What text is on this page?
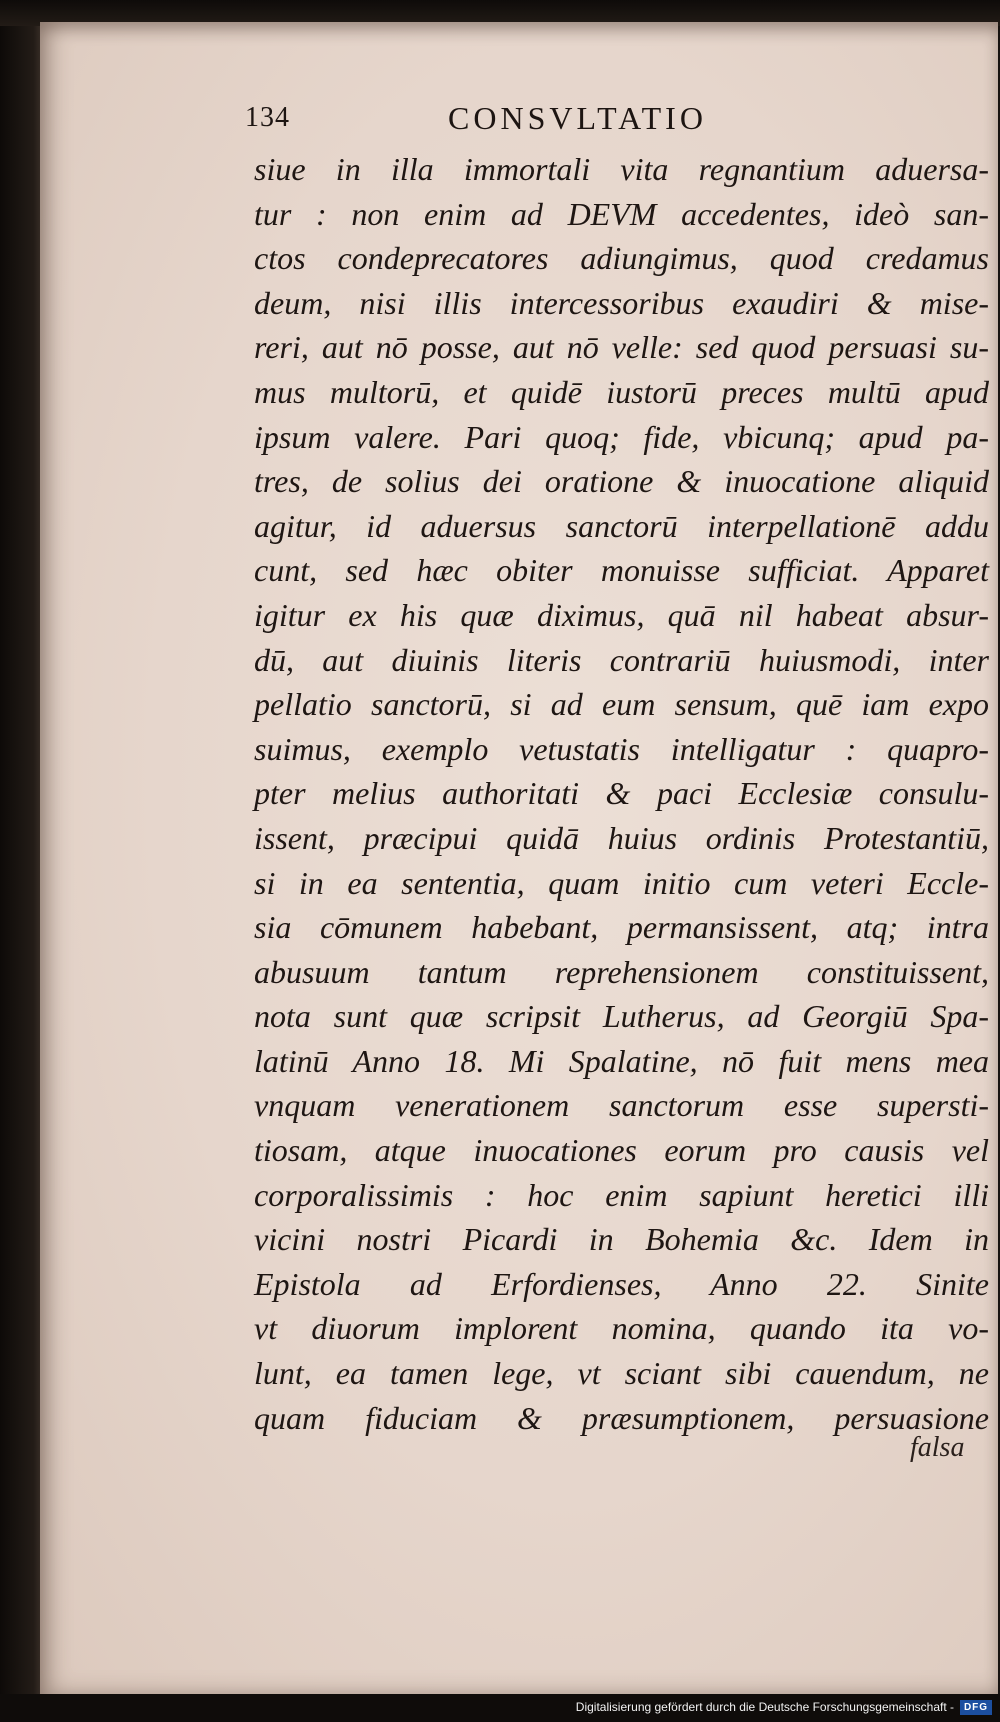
134	CONSVLTATIO
siue in illa immortali vita regnantium aduersa-
tur : non enim ad DEVM accedentes, ideò san-
ctos condeprecatores adiungimus, quod credamus
deum, nisi illis intercessoribus exaudiri & mise-
reri, aut nō posse, aut nō velle: sed quod persuasi su-
mus multorū, et quidē iustorū preces multū apud
ipsum valere. Pari quoq; fide, vbicunq; apud pa-
tres, de solius dei oratione & inuocatione aliquid
agitur, id aduersus sanctorū interpellationē addu
cunt, sed hæc obiter monuisse sufficiat. Apparet
igitur ex his quæ diximus, quā nil habeat absur-
dū, aut diuinis literis contrariū huiusmodi, inter
pellatio sanctorū, si ad eum sensum, quē iam expo
suimus, exemplo vetustatis intelligatur : quapro-
pter melius authoritati & paci Ecclesiæ consulu-
issent, præcipui quidā huius ordinis Protestantiū,
si in ea sententia, quam initio cum veteri Eccle-
sia cōmunem habebant, permansissent, atq; intra
abusuum tantum reprehensionem constituissent,
nota sunt quæ scripsit Lutherus, ad Georgiū Spa-
latinū Anno 18. Mi Spalatine, nō fuit mens mea
vnquam venerationem sanctorum esse supersti-
tiosam, atque inuocationes eorum pro causis vel
corporalissimis : hoc enim sapiunt heretici illi
vicini nostri Picardi in Bohemia &c. Idem in
Epistola ad Erfordienses, Anno 22. Sinite
vt diuorum implorent nomina, quando ita vo-
lunt, ea tamen lege, vt sciant sibi cauendum, ne
quam fiduciam & præsumptionem, persuasione
falsa
Digitalisierung gefördert durch die Deutsche Forschungsgemeinschaft - DFG
